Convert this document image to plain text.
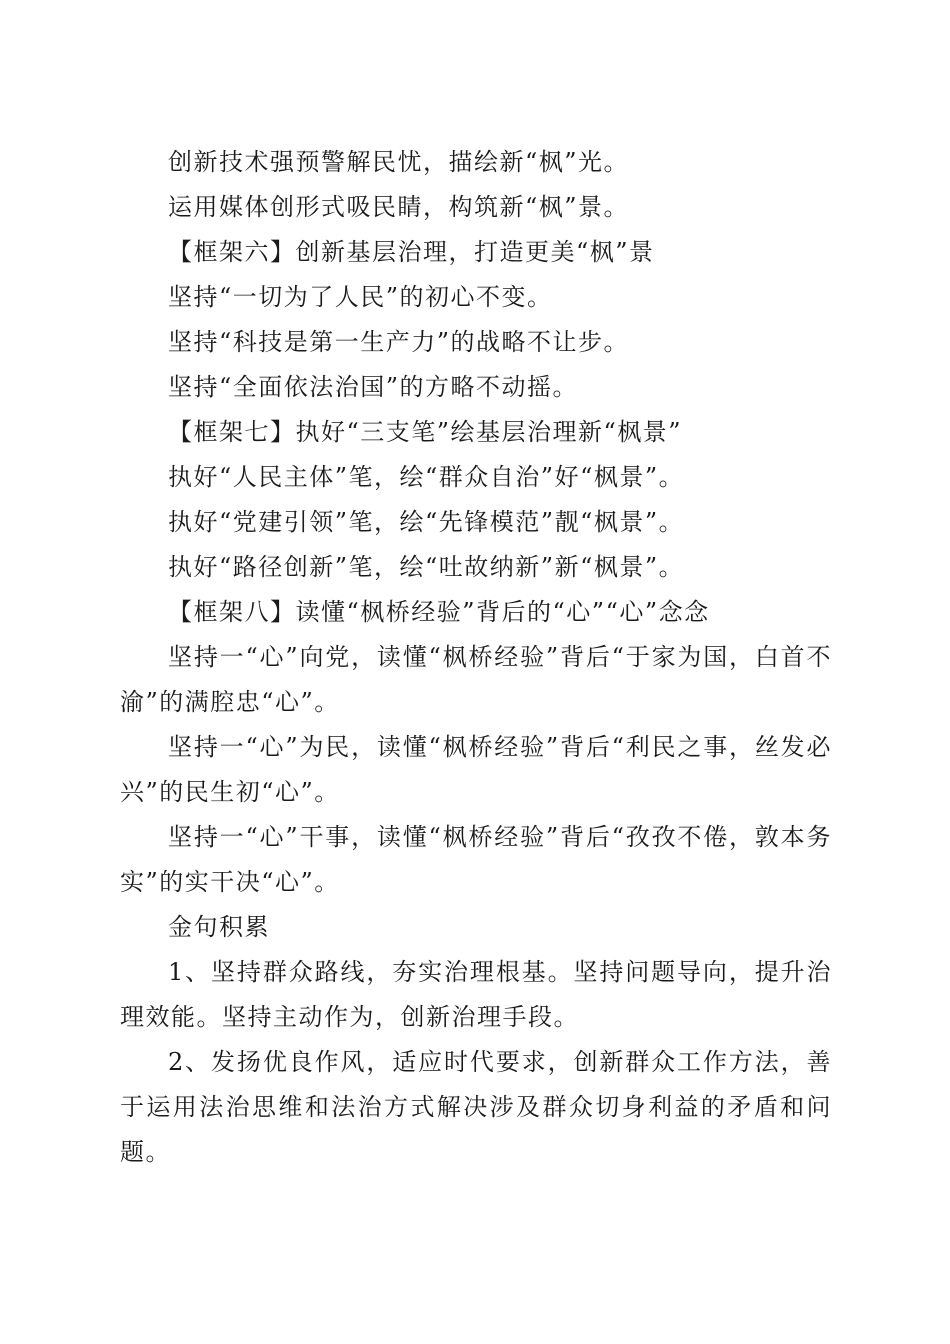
创新技术强预警解民忧，描绘新“枫”光。

运用媒体创形式吸民睛，构筑新“枫”景。

【框架六】创新基层治理，打造更美“枫”景

坚持“一切为了人民”的初心不变。

坚持“科技是第一生产力”的战略不让步。

坚持“全面依法治国”的方略不动摇。

【框架七】执好“三支笔”绘基层治理新“枫景”

执好“人民主体”笔，绘“群众自治”好“枫景”。

执好“党建引领”笔，绘“先锋模范”靓“枫景”。

执好“路径创新”笔，绘“吐故纳新”新“枫景”。

【框架八】读懂“枫桥经验”背后的“心”“心”念念

坚持一“心”向党，读懂“枫桥经验”背后“于家为国，白首不渝”的满腔忠“心”。

坚持一“心”为民，读懂“枫桥经验”背后“利民之事，丝发必兴”的民生初“心”。

坚持一“心”干事，读懂“枫桥经验”背后“孜孜不倦，敦本务实”的实干决“心”。

金句积累

1、坚持群众路线，夯实治理根基。坚持问题导向，提升治理效能。坚持主动作为，创新治理手段。

2、发扬优良作风，适应时代要求，创新群众工作方法，善于运用法治思维和法治方式解决涉及群众切身利益的矛盾和问题。
